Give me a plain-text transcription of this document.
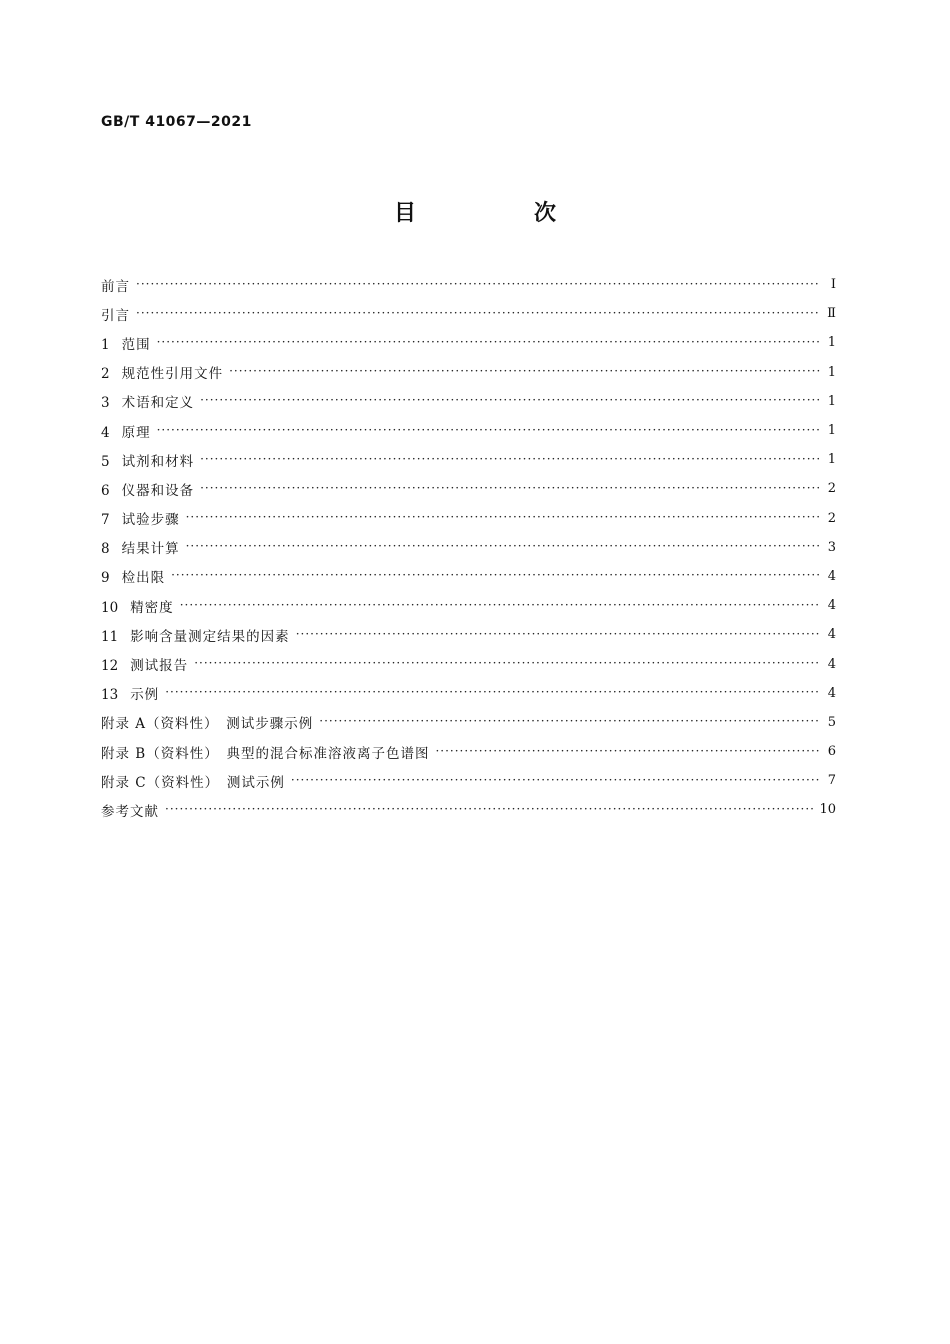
GB/T 41067—2021
目　次
前言 ·····	Ⅰ
引言 ·····	Ⅱ
1 范围 ·····	1
2 规范性引用文件 ·····	1
3 术语和定义 ·····	1
4 原理 ·····	1
5 试剂和材料 ·····	1
6 仪器和设备 ·····	2
7 试验步骤 ·····	2
8 结果计算 ·····	3
9 检出限 ·····	4
10 精密度 ·····	4
11 影响含量测定结果的因素 ·····	4
12 测试报告 ·····	4
13 示例 ·····	4
附录 A（资料性）　测试步骤示例 ·····	5
附录 B（资料性）　典型的混合标准溶液离子色谱图 ·····	6
附录 C（资料性）　测试示例 ·····	7
参考文献 ·····	10
